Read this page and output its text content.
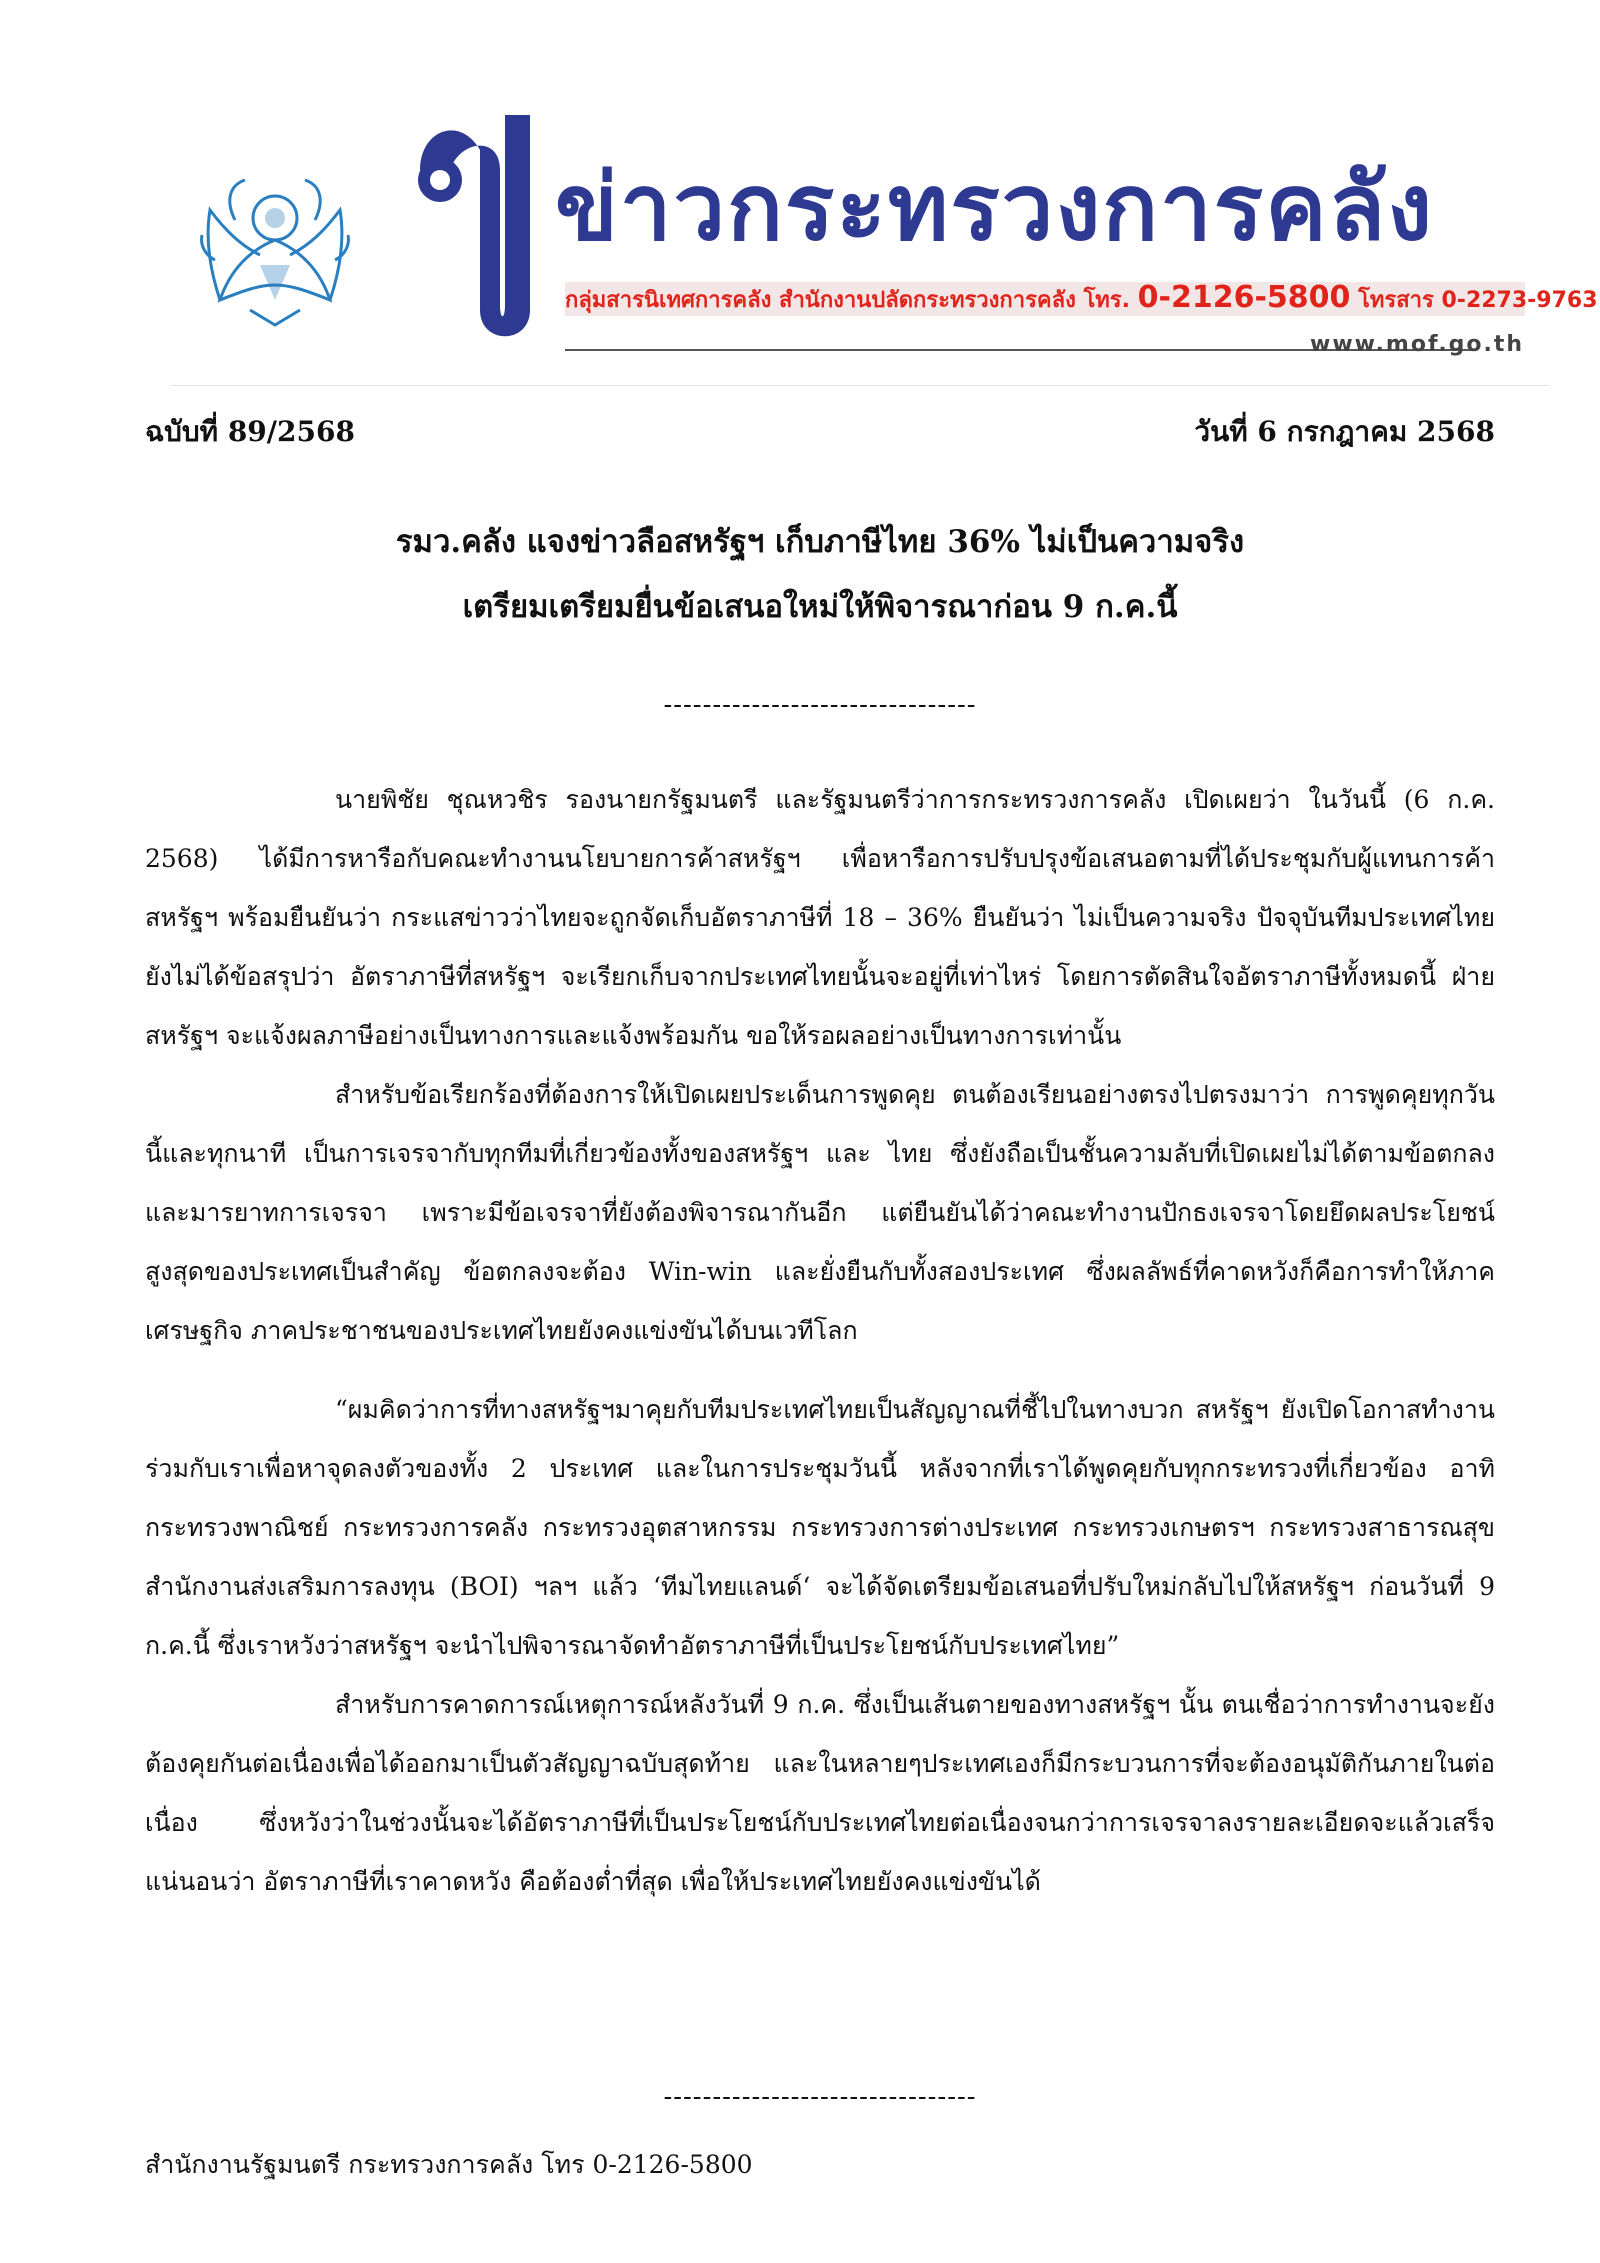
ข่าวกระทรวงการคลัง
กลุ่มสารนิเทศการคลัง สำนักงานปลัดกระทรวงการคลัง โทร. 0-2126-5800 โทรสาร 0-2273-9763
www.mof.go.th
ฉบับที่ 89/2568	วันที่ 6 กรกฎาคม 2568
รมว.คลัง แจงข่าวลือสหรัฐฯ เก็บภาษีไทย 36% ไม่เป็นความจริง
เตรียมเตรียมยื่นข้อเสนอใหม่ให้พิจารณาก่อน 9 ก.ค.นี้
--------------------------------

นายพิชัย ชุณหวชิร รองนายกรัฐมนตรี และรัฐมนตรีว่าการกระทรวงการคลัง เปิดเผยว่า ในวันนี้ (6 ก.ค. 2568) ได้มีการหารือกับคณะทำงานนโยบายการค้าสหรัฐฯ เพื่อหารือการปรับปรุงข้อเสนอตามที่ได้ประชุมกับผู้แทนการค้าสหรัฐฯ พร้อมยืนยันว่า กระแสข่าวว่าไทยจะถูกจัดเก็บอัตราภาษีที่ 18 – 36% ยืนยันว่า ไม่เป็นความจริง ปัจจุบันทีมประเทศไทยยังไม่ได้ข้อสรุปว่า อัตราภาษีที่สหรัฐฯ จะเรียกเก็บจากประเทศไทยนั้นจะอยู่ที่เท่าไหร่ โดยการตัดสินใจอัตราภาษีทั้งหมดนี้ ฝ่ายสหรัฐฯ จะแจ้งผลภาษีอย่างเป็นทางการและแจ้งพร้อมกัน ขอให้รอผลอย่างเป็นทางการเท่านั้น

สำหรับข้อเรียกร้องที่ต้องการให้เปิดเผยประเด็นการพูดคุย ตนต้องเรียนอย่างตรงไปตรงมาว่า การพูดคุยทุกวันนี้และทุกนาที เป็นการเจรจากับทุกทีมที่เกี่ยวข้องทั้งของสหรัฐฯ และ ไทย ซึ่งยังถือเป็นชั้นความลับที่เปิดเผยไม่ได้ตามข้อตกลงและมารยาทการเจรจา เพราะมีข้อเจรจาที่ยังต้องพิจารณากันอีก แต่ยืนยันได้ว่าคณะทำงานปักธงเจรจาโดยยึดผลประโยชน์สูงสุดของประเทศเป็นสำคัญ ข้อตกลงจะต้อง Win-win และยั่งยืนกับทั้งสองประเทศ ซึ่งผลลัพธ์ที่คาดหวังก็คือการทำให้ภาคเศรษฐกิจ ภาคประชาชนของประเทศไทยยังคงแข่งขันได้บนเวทีโลก

“ผมคิดว่าการที่ทางสหรัฐฯมาคุยกับทีมประเทศไทยเป็นสัญญาณที่ชี้ไปในทางบวก สหรัฐฯ ยังเปิดโอกาสทำงานร่วมกับเราเพื่อหาจุดลงตัวของทั้ง 2 ประเทศ และในการประชุมวันนี้ หลังจากที่เราได้พูดคุยกับทุกกระทรวงที่เกี่ยวข้อง อาทิ กระทรวงพาณิชย์ กระทรวงการคลัง กระทรวงอุตสาหกรรม กระทรวงการต่างประเทศ กระทรวงเกษตรฯ กระทรวงสาธารณสุข สำนักงานส่งเสริมการลงทุน (BOI) ฯลฯ แล้ว ‘ทีมไทยแลนด์‘ จะได้จัดเตรียมข้อเสนอที่ปรับใหม่กลับไปให้สหรัฐฯ ก่อนวันที่ 9 ก.ค.นี้ ซึ่งเราหวังว่าสหรัฐฯ จะนำไปพิจารณาจัดทำอัตราภาษีที่เป็นประโยชน์กับประเทศไทย”

สำหรับการคาดการณ์เหตุการณ์หลังวันที่ 9 ก.ค. ซึ่งเป็นเส้นตายของทางสหรัฐฯ นั้น ตนเชื่อว่าการทำงานจะยังต้องคุยกันต่อเนื่องเพื่อได้ออกมาเป็นตัวสัญญาฉบับสุดท้าย และในหลายๆประเทศเองก็มีกระบวนการที่จะต้องอนุมัติกันภายในต่อเนื่อง ซึ่งหวังว่าในช่วงนั้นจะได้อัตราภาษีที่เป็นประโยชน์กับประเทศไทยต่อเนื่องจนกว่าการเจรจาลงรายละเอียดจะแล้วเสร็จ แน่นอนว่า อัตราภาษีที่เราคาดหวัง คือต้องต่ำที่สุด เพื่อให้ประเทศไทยยังคงแข่งขันได้

--------------------------------
สำนักงานรัฐมนตรี กระทรวงการคลัง โทร 0-2126-5800
